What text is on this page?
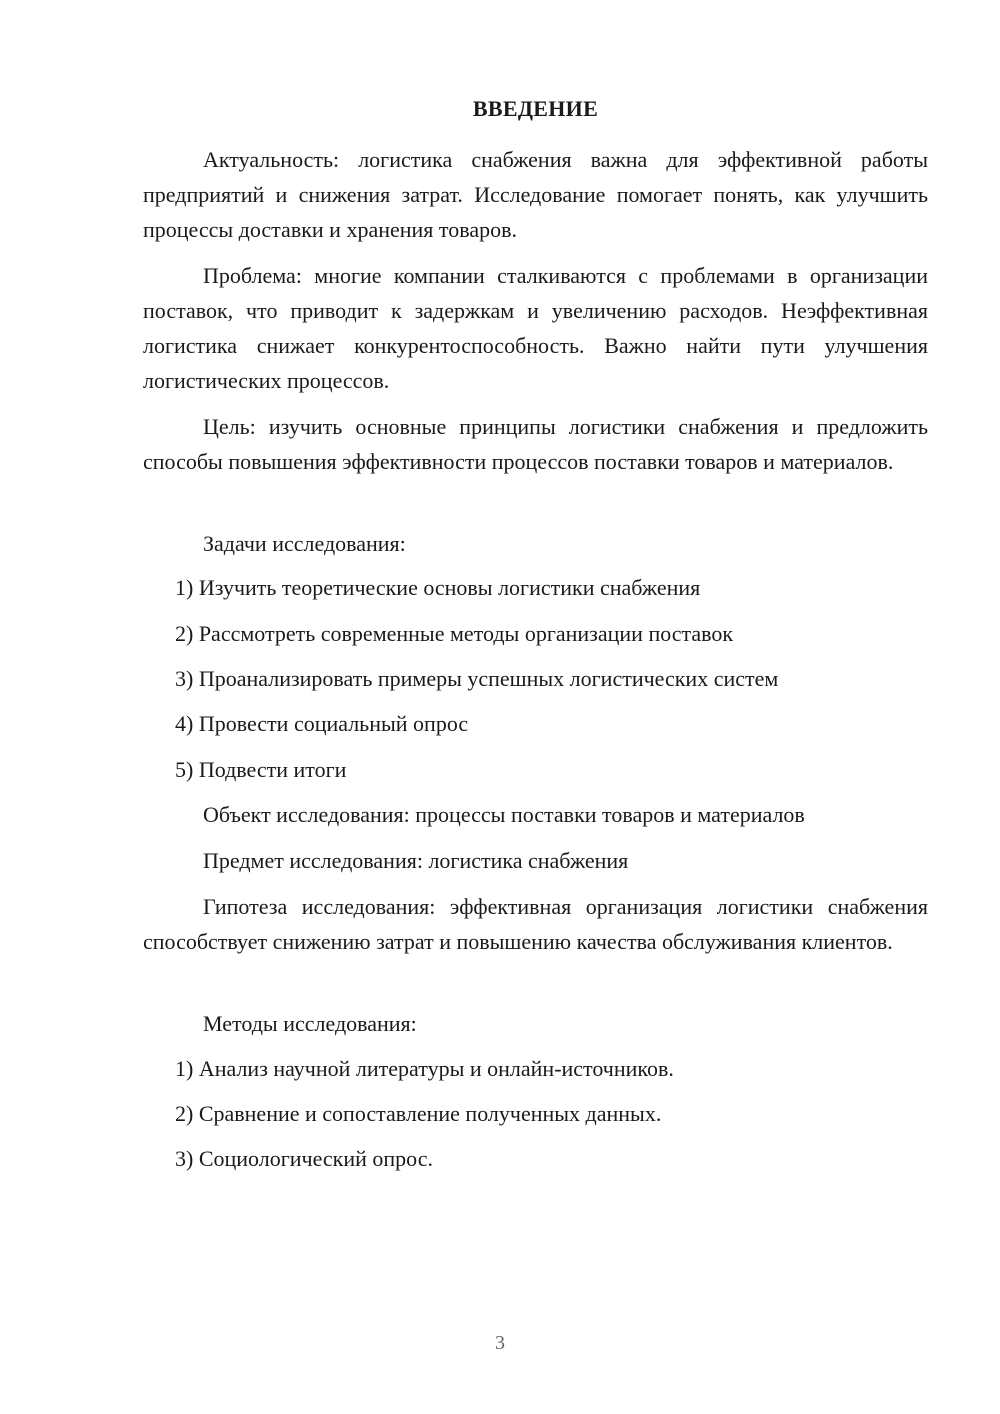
ВВЕДЕНИЕ

Актуальность: логистика снабжения важна для эффективной работы предприятий и снижения затрат. Исследование помогает понять, как улучшить процессы доставки и хранения товаров.

Проблема: многие компании сталкиваются с проблемами в организации поставок, что приводит к задержкам и увеличению расходов. Неэффективная логистика снижает конкурентоспособность. Важно найти пути улучшения логистических процессов.

Цель: изучить основные принципы логистики снабжения и предложить способы повышения эффективности процессов поставки товаров и материалов.

Задачи исследования:
1) Изучить теоретические основы логистики снабжения
2) Рассмотреть современные методы организации поставок
3) Проанализировать примеры успешных логистических систем
4) Провести социальный опрос
5) Подвести итоги
Объект исследования: процессы поставки товаров и материалов
Предмет исследования: логистика снабжения

Гипотеза исследования: эффективная организация логистики снабжения способствует снижению затрат и повышению качества обслуживания клиентов.

Методы исследования:
1) Анализ научной литературы и онлайн-источников.
2) Сравнение и сопоставление полученных данных.
3) Социологический опрос.
3
